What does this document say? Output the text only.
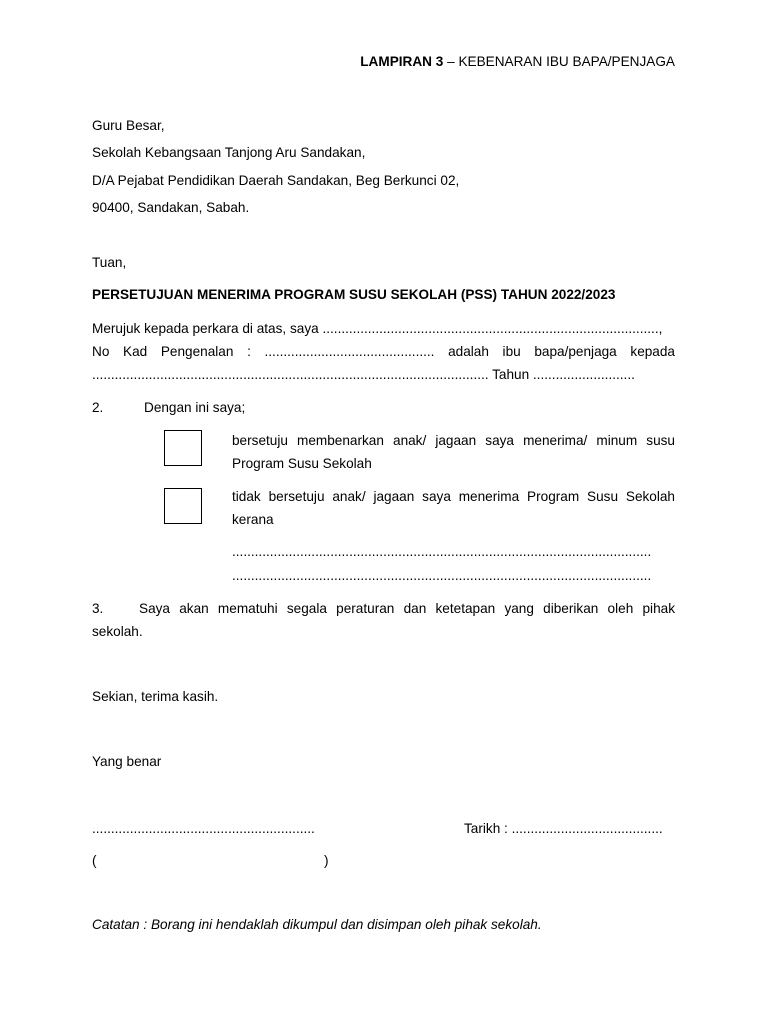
LAMPIRAN 3 – KEBENARAN IBU BAPA/PENJAGA
Guru Besar,
Sekolah Kebangsaan Tanjong Aru Sandakan,
D/A Pejabat Pendidikan Daerah Sandakan, Beg Berkunci 02,
90400, Sandakan, Sabah.
Tuan,
PERSETUJUAN MENERIMA PROGRAM SUSU SEKOLAH (PSS) TAHUN 2022/2023
Merujuk kepada perkara di atas, saya .........................................................................................,
No Kad Pengenalan : ............................................. adalah ibu bapa/penjaga kepada
......................................................................................................... Tahun ...........................
2.	Dengan ini saya;
bersetuju membenarkan anak/ jagaan saya menerima/ minum susu
Program Susu Sekolah
tidak bersetuju anak/ jagaan saya menerima Program Susu Sekolah
kerana
...............................................................................................................
...............................................................................................................
3.	Saya akan mematuhi segala peraturan dan ketetapan yang diberikan oleh pihak
sekolah.
Sekian, terima kasih.
Yang benar
...........................................................	Tarikh : ........................................
(	)
Catatan : Borang ini hendaklah dikumpul dan disimpan oleh pihak sekolah.
